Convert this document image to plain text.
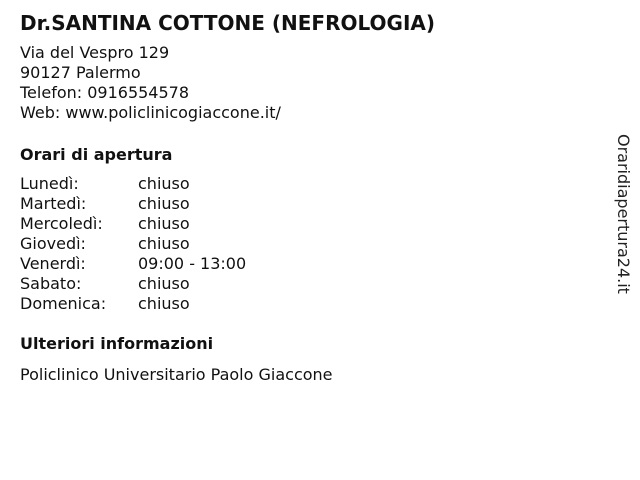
Dr.SANTINA COTTONE (NEFROLOGIA)
Via del Vespro 129
90127 Palermo
Telefon: 0916554578
Web: www.policlinicogiaccone.it/
Orari di apertura
Lunedì:	chiuso
Martedì:	chiuso
Mercoledì: chiuso
Giovedì:	chiuso
Venerdì:	09:00 - 13:00
Sabato:	chiuso
Domenica: chiuso
Ulteriori informazioni
Policlinico Universitario Paolo Giaccone
Oraridiapertura24.it
